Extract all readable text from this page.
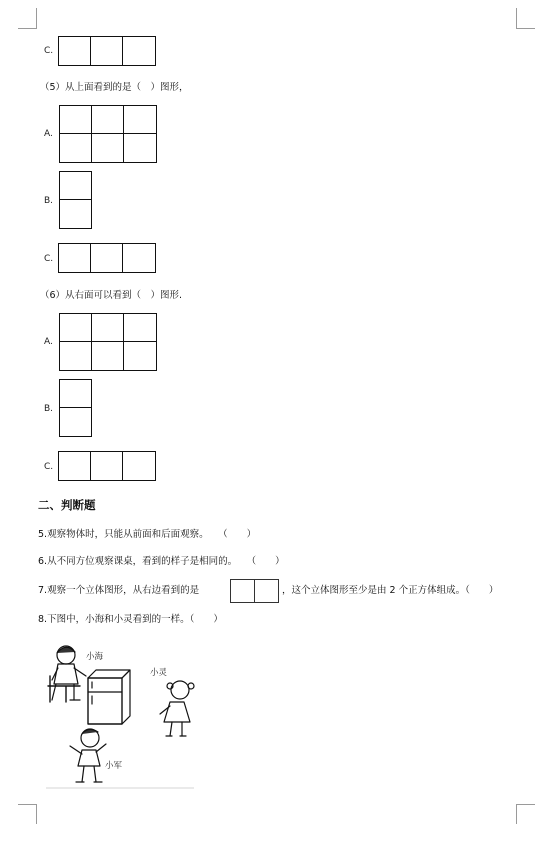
C.
（5）从上面看到的是（　）图形，
A.
B.
C.
（6）从右面可以看到（　）图形.
A.
B.
C.
二、判断题
5.观察物体时，只能从前面和后面观察。　　（　　）
6.从不同方位观察课桌，看到的样子是相同的。　　（　　）
7.观察一个立体图形，从右边看到的是	，这个立体图形至少是由 2 个正方体组成。（　　）
8.下图中，小海和小灵看到的一样。（　　）
小海
小灵
小军
